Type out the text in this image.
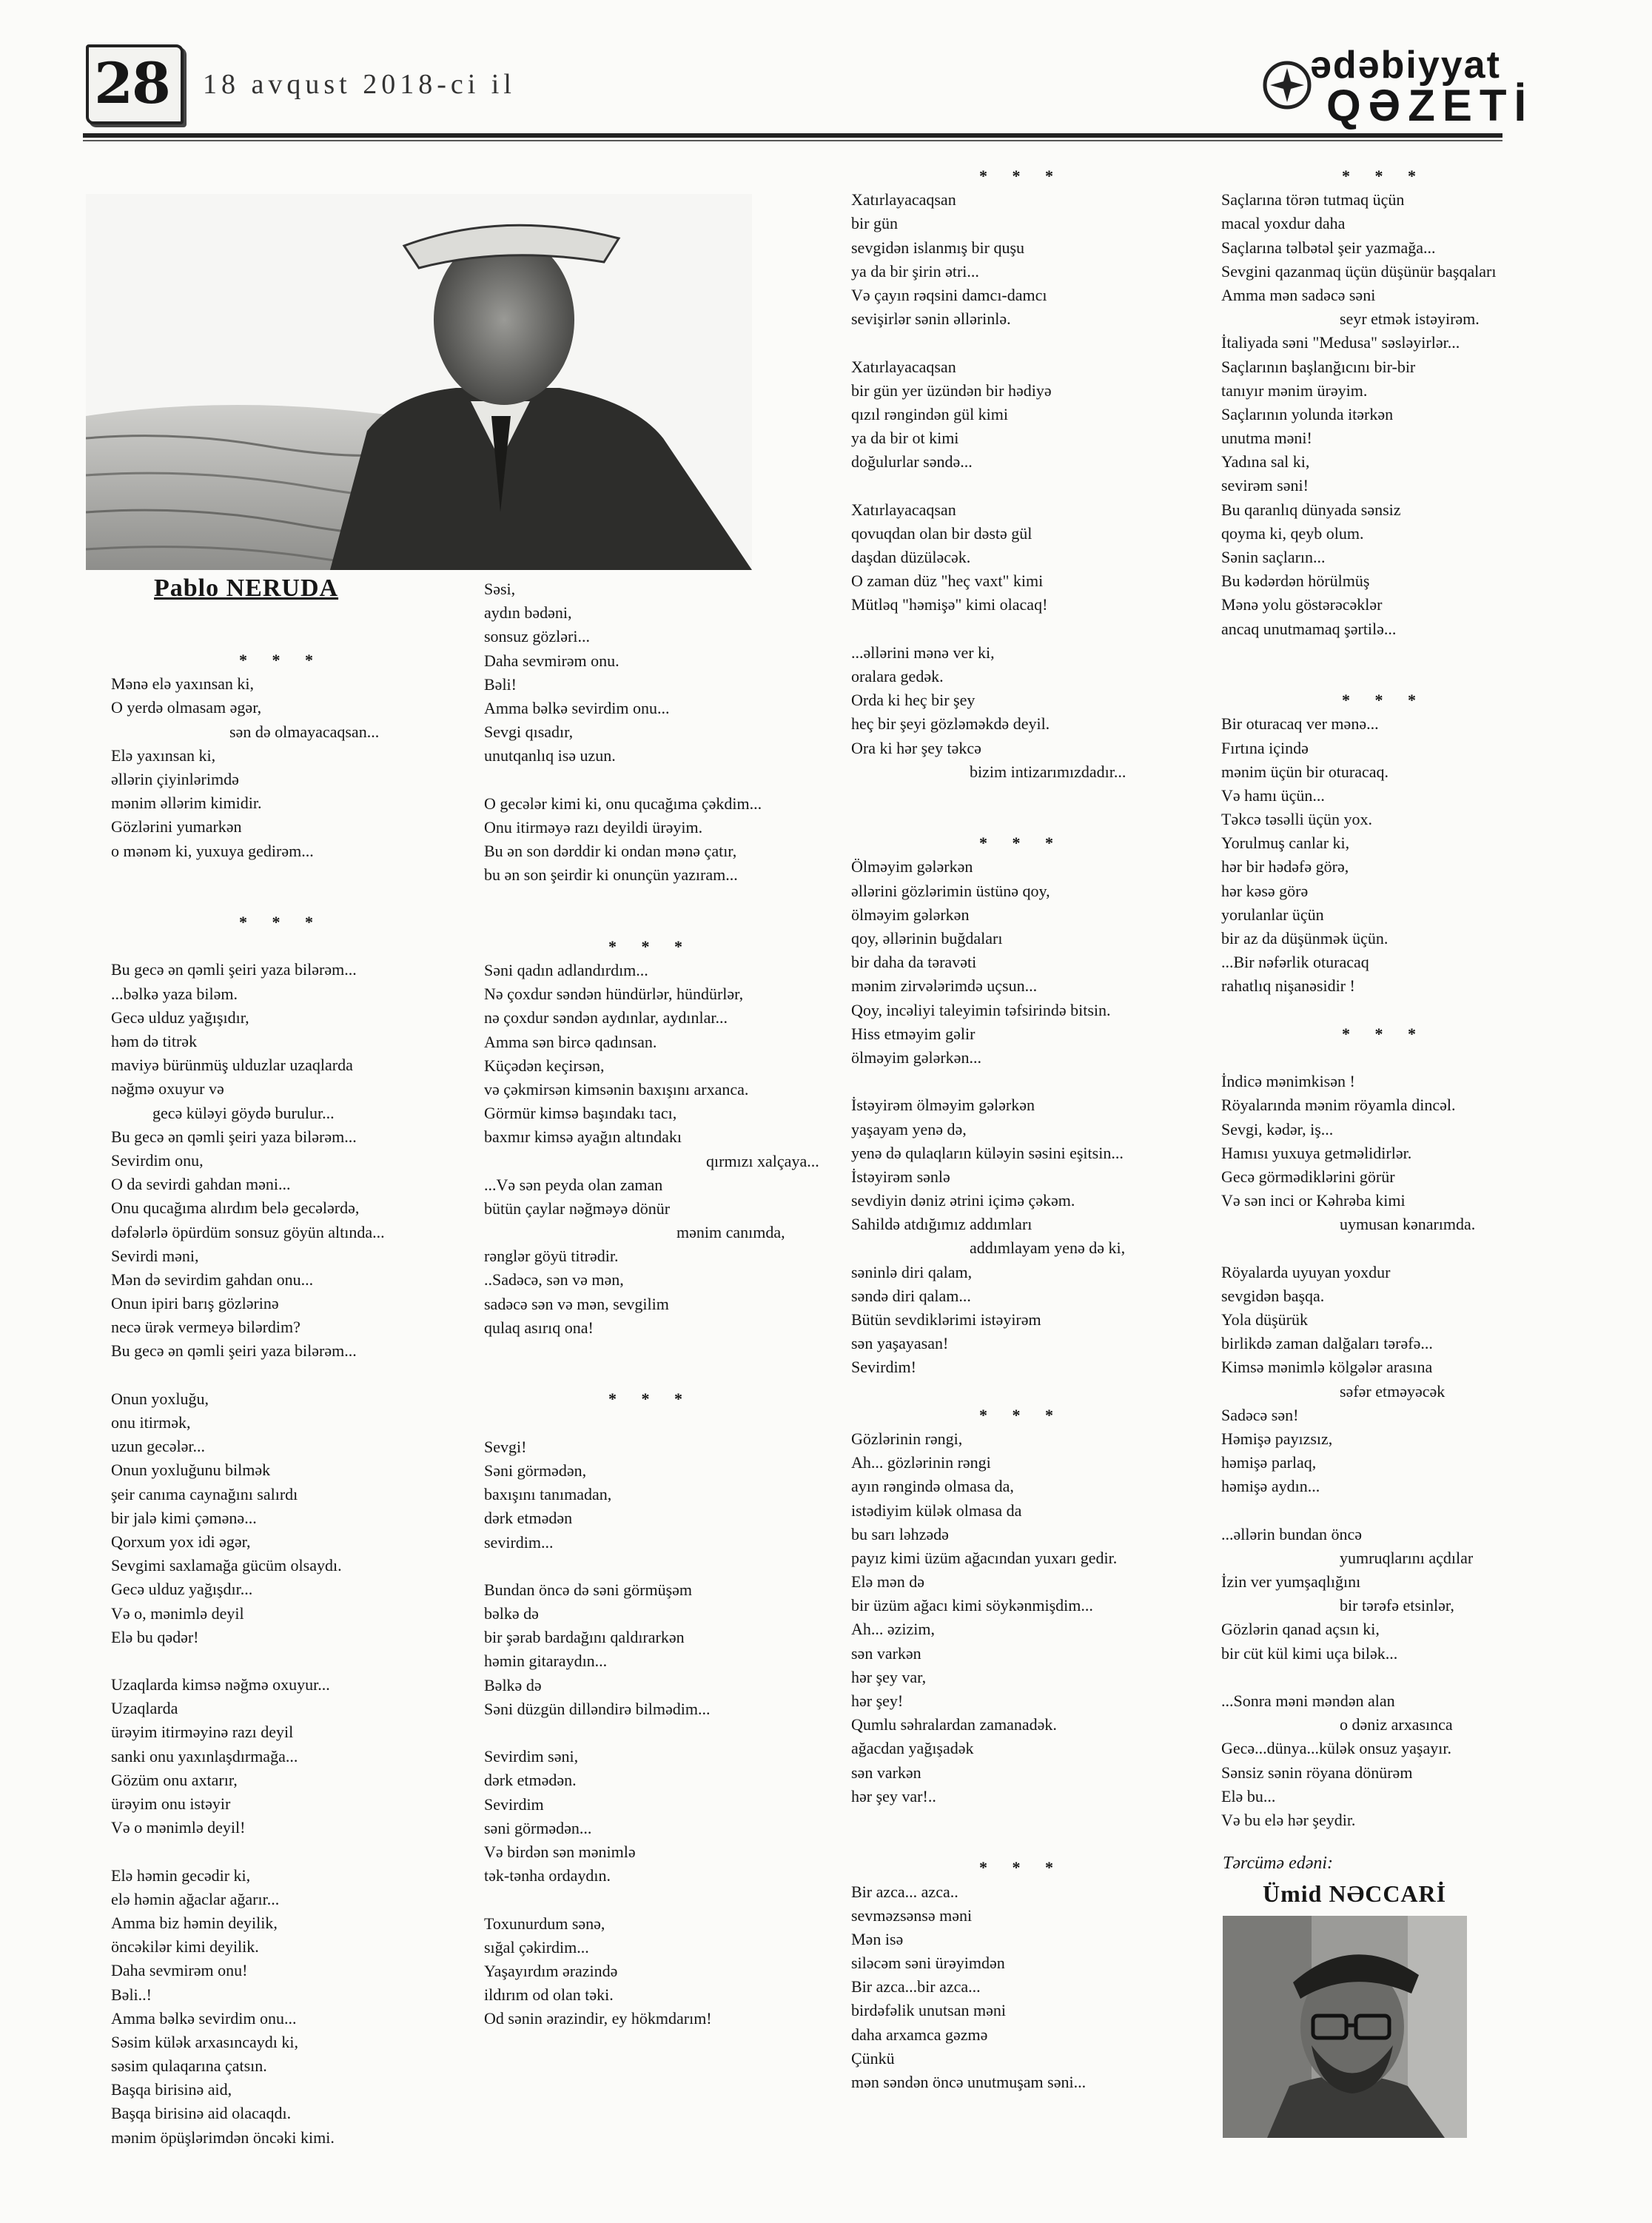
28 18 avqust 2018-ci il	ədəbiyyat
QƏZETİ
Pablo NERUDA
* * *
Mənə elə yaxınsan ki,
O yerdə olmasam əgər,
sən də olmayacaqsan...
Elə yaxınsan ki,
əllərin çiyinlərimdə
mənim əllərim kimidir.
Gözlərini yumarkən
o mənəm ki, yuxuya gedirəm...
* * *
Bu gecə ən qəmli şeiri yaza bilərəm...
...bəlkə yaza biləm.
Gecə ulduz yağışıdır,
həm də titrək
maviyə bürünmüş ulduzlar uzaqlarda
nəğmə oxuyur və
gecə küləyi göydə burulur...
Bu gecə ən qəmli şeiri yaza bilərəm...
Sevirdim onu,
O da sevirdi gahdan məni...
Onu qucağıma alırdım belə gecələrdə,
dəfələrlə öpürdüm sonsuz göyün altında...
Sevirdi məni,
Mən də sevirdim gahdan onu...
Onun ipiri barış gözlərinə
necə ürək vermeyə bilərdim?
Bu gecə ən qəmli şeiri yaza bilərəm...
Onun yoxluğu,
onu itirmək,
uzun gecələr...
Onun yoxluğunu bilmək
şeir canıma caynağını salırdı
bir jalə kimi çəmənə...
Qorxum yox idi əgər,
Sevgimi saxlamağa gücüm olsaydı.
Gecə ulduz yağışdır...
Və o, mənimlə deyil
Elə bu qədər!
Uzaqlarda kimsə nəğmə oxuyur...
Uzaqlarda
ürəyim itirməyinə razı deyil
sanki onu yaxınlaşdırmağa...
Gözüm onu axtarır,
ürəyim onu istəyir
Və o mənimlə deyil!
Elə həmin gecədir ki,
elə həmin ağaclar ağarır...
Amma biz həmin deyilik,
öncəkilər kimi deyilik.
Daha sevmirəm onu!
Bəli..!
Amma bəlkə sevirdim onu...
Səsim külək arxasıncaydı ki,
səsim qulaqarına çatsın.
Başqa birisinə aid,
Başqa birisinə aid olacaqdı.
mənim öpüşlərimdən öncəki kimi.
Səsi,
aydın bədəni,
sonsuz gözləri...
Daha sevmirəm onu.
Bəli!
Amma bəlkə sevirdim onu...
Sevgi qısadır,
unutqanlıq isə uzun.
O gecələr kimi ki, onu qucağıma çəkdim...
Onu itirməyə razı deyildi ürəyim.
Bu ən son dərddir ki ondan mənə çatır,
bu ən son şeirdir ki onunçün yazıram...
* * *
Səni qadın adlandırdım...
Nə çoxdur səndən hündürlər, hündürlər,
nə çoxdur səndən aydınlar, aydınlar...
Amma sən bircə qadınsan.
Küçədən keçirsən,
və çəkmirsən kimsənin baxışını arxanca.
Görmür kimsə başındakı tacı,
baxmır kimsə ayağın altındakı
qırmızı xalçaya...
...Və sən peyda olan zaman
bütün çaylar nəğməyə dönür
mənim canımda,
rənglər göyü titrədir.
..Sadəcə, sən və mən,
sadəcə sən və mən, sevgilim
qulaq asırıq ona!
* * *
Sevgi!
Səni görmədən,
baxışını tanımadan,
dərk etmədən
sevirdim...
Bundan öncə də səni görmüşəm
bəlkə də
bir şərab bardağını qaldırarkən
həmin gitaraydın...
Bəlkə də
Səni düzgün dilləndirə bilmədim...
Sevirdim səni,
dərk etmədən.
Sevirdim
səni görmədən...
Və birdən sən mənimlə
tək-tənha ordaydın.
Toxunurdum sənə,
sığal çəkirdim...
Yaşayırdım ərazində
ildırım od olan təki.
Od sənin ərazindir, ey hökmdarım!
* * *
Xatırlayacaqsan
bir gün
sevgidən islanmış bir quşu
ya da bir şirin ətri...
Və çayın rəqsini damcı-damcı
sevişirlər sənin əllərinlə.
Xatırlayacaqsan
bir gün yer üzündən bir hədiyə
qızıl rəngindən gül kimi
ya da bir ot kimi
doğulurlar səndə...
Xatırlayacaqsan
qovuqdan olan bir dəstə gül
daşdan düzüləcək.
O zaman düz "heç vaxt" kimi
Mütləq "həmişə" kimi olacaq!
...əllərini mənə ver ki,
oralara gedək.
Orda ki heç bir şey
heç bir şeyi gözləməkdə deyil.
Ora ki hər şey təkcə
bizim intizarımızdadır...
* * *
Ölməyim gələrkən
əllərini gözlərimin üstünə qoy,
ölməyim gələrkən
qoy, əllərinin buğdaları
bir daha da təravəti
mənim zirvələrimdə uçsun...
Qoy, incəliyi taleyimin təfsirində bitsin.
Hiss etməyim gəlir
ölməyim gələrkən...
İstəyirəm ölməyim gələrkən
yaşayam yenə də,
yenə də qulaqların küləyin səsini eşitsin...
İstəyirəm sənlə
sevdiyin dəniz ətrini içimə çəkəm.
Sahildə atdığımız addımları
addımlayam yenə də ki,
səninlə diri qalam,
səndə diri qalam...
Bütün sevdiklərimi istəyirəm
sən yaşayasan!
Sevirdim!
* * *
Gözlərinin rəngi,
Ah... gözlərinin rəngi
ayın rəngində olmasa da,
istədiyim külək olmasa da
bu sarı ləhzədə
payız kimi üzüm ağacından yuxarı gedir.
Elə mən də
bir üzüm ağacı kimi söykənmişdim...
Ah... əzizim,
sən varkən
hər şey var,
hər şey!
Qumlu səhralardan zamanadək.
ağacdan yağışadək
sən varkən
hər şey var!..
* * *
Bir azca... azca..
sevməzsənsə məni
Mən isə
siləcəm səni ürəyimdən
Bir azca...bir azca...
birdəfəlik unutsan məni
daha arxamca gəzmə
Çünkü
mən səndən öncə unutmuşam səni...
* * *
Saçlarına törən tutmaq üçün
macal yoxdur daha
Saçlarına təlbətəl şeir yazmağa...
Sevgini qazanmaq üçün düşünür başqaları
Amma mən sadəcə səni
seyr etmək istəyirəm.
İtaliyada səni "Medusa" səsləyirlər...
Saçlarının başlanğıcını bir-bir
tanıyır mənim ürəyim.
Saçlarının yolunda itərkən
unutma məni!
Yadına sal ki,
sevirəm səni!
Bu qaranlıq dünyada sənsiz
qoyma ki, qeyb olum.
Sənin saçların...
Bu kədərdən hörülmüş
Mənə yolu göstərəcəklər
ancaq unutmamaq şərtilə...
* * *
Bir oturacaq ver mənə...
Fırtına içində
mənim üçün bir oturacaq.
Və hamı üçün...
Təkcə təsəlli üçün yox.
Yorulmuş canlar ki,
hər bir hədəfə görə,
hər kəsə görə
yorulanlar üçün
bir az da düşünmək üçün.
...Bir nəfərlik oturacaq
rahatlıq nişanəsidir !
* * *
İndicə mənimkisən !
Röyalarında mənim röyamla dincəl.
Sevgi, kədər, iş...
Hamısı yuxuya getməlidirlər.
Gecə görmədiklərini görür
Və sən inci or Kəhrəba kimi
uymusan kənarımda.
Röyalarda uyuyan yoxdur
sevgidən başqa.
Yola düşürük
birlikdə zaman dalğaları tərəfə...
Kimsə mənimlə kölgələr arasına
səfər etməyəcək
Sadəcə sən!
Həmişə payızsız,
həmişə parlaq,
həmişə aydın...
...əllərin bundan öncə
yumruqlarını açdılar
İzin ver yumşaqlığını
bir tərəfə etsinlər,
Gözlərin qanad açsın ki,
bir cüt kül kimi uça bilək...
...Sonra məni məndən alan
o dəniz arxasınca
Gecə...dünya...külək onsuz yaşayır.
Sənsiz sənin röyana dönürəm
Elə bu...
Və bu elə hər şeydir.
Tərcümə edəni:
Ümid NƏCCARİ
